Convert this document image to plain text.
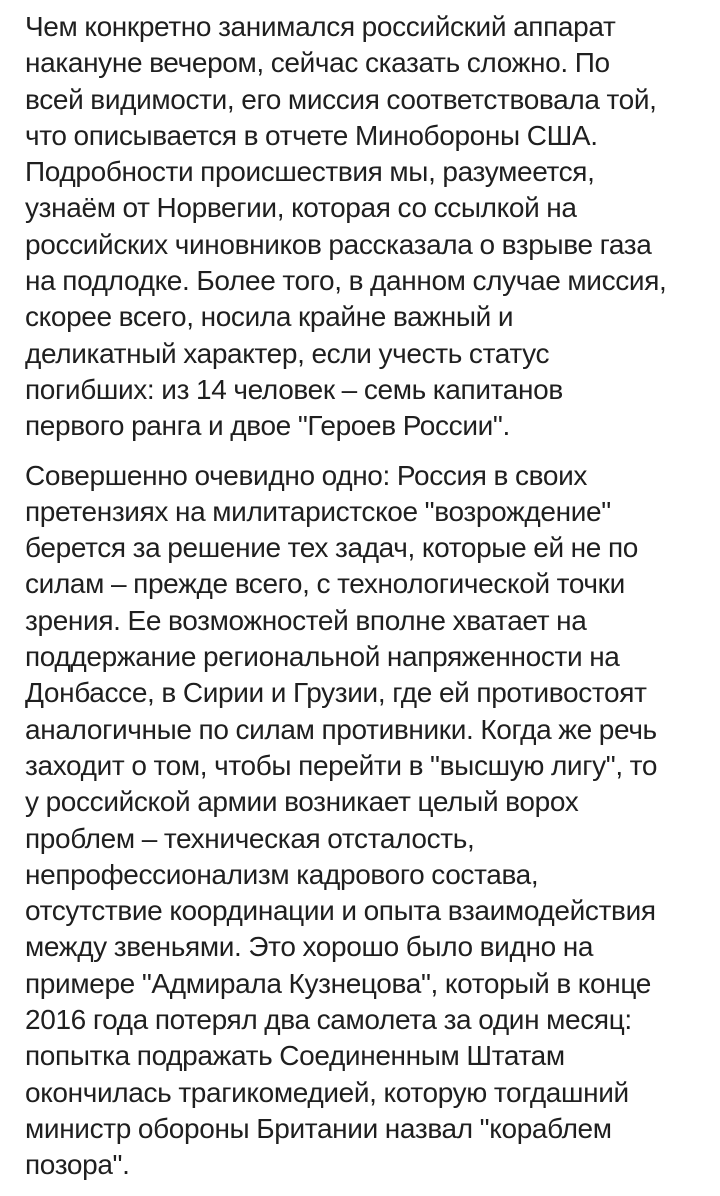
Чем конкретно занимался российский аппарат
накануне вечером, сейчас сказать сложно. По
всей видимости, его миссия соответствовала той,
что описывается в отчете Минобороны США.
Подробности происшествия мы, разумеется,
узнаём от Норвегии, которая со ссылкой на
российских чиновников рассказала о взрыве газа
на подлодке. Более того, в данном случае миссия,
скорее всего, носила крайне важный и
деликатный характер, если учесть статус
погибших: из 14 человек – семь капитанов
первого ранга и двое "Героев России".

Совершенно очевидно одно: Россия в своих
претензиях на милитаристское "возрождение"
берется за решение тех задач, которые ей не по
силам – прежде всего, с технологической точки
зрения. Ее возможностей вполне хватает на
поддержание региональной напряженности на
Донбассе, в Сирии и Грузии, где ей противостоят
аналогичные по силам противники. Когда же речь
заходит о том, чтобы перейти в "высшую лигу", то
у российской армии возникает целый ворох
проблем – техническая отсталость,
непрофессионализм кадрового состава,
отсутствие координации и опыта взаимодействия
между звеньями. Это хорошо было видно на
примере "Адмирала Кузнецова", который в конце
2016 года потерял два самолета за один месяц:
попытка подражать Соединенным Штатам
окончилась трагикомедией, которую тогдашний
министр обороны Британии назвал "кораблем
позора".
